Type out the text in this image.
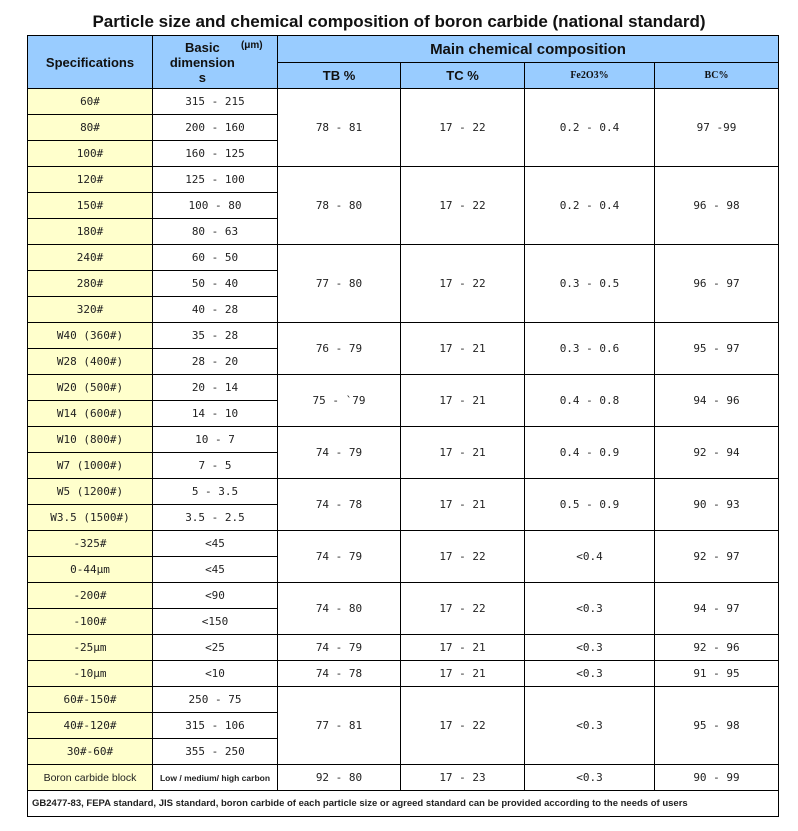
Particle size and chemical composition of boron carbide (national standard)
Specifications	Basic dimensions $^{(\mu m)}$	Main chemical composition			
		TB %	TC %	Fe2O3%	BC%
60#	315 - 215	78 - 81	17 - 22	0.2 - 0.4	97 -99
80#	200 - 160				
100#	160 - 125				
120#	125 - 100	78 - 80	17 - 22	0.2 - 0.4	96 - 98
150#	100 - 80				
180#	80 - 63				
240#	60 - 50	77 - 80	17 - 22	0.3 - 0.5	96 - 97
280#	50 - 40				
320#	40 - 28				
W40 (360#)	35 - 28	76 - 79	17 - 21	0.3 - 0.6	95 - 97
W28 (400#)	28 - 20				
W20 (500#)	20 - 14	75 - `79	17 - 21	0.4 - 0.8	94 - 96
W14 (600#)	14 - 10				
W10 (800#)	10 - 7	74 - 79	17 - 21	0.4 - 0.9	92 - 94
W7 (1000#)	7 - 5				
W5 (1200#)	5 - 3.5	74 - 78	17 - 21	0.5 - 0.9	90 - 93
W3.5 (1500#)	3.5 - 2.5				
-325#	<45	74 - 79	17 - 22	<0.4	92 - 97
0-44μm	<45				
-200#	<90	74 - 80	17 - 22	<0.3	94 - 97
-100#	<150				
-25μm	<25	74 - 79	17 - 21	<0.3	92 - 96
-10μm	<10	74 - 78	17 - 21	<0.3	91 - 95
60#-150#	250 - 75	77 - 81	17 - 22	<0.3	95 - 98
40#-120#	315 - 106				
30#-60#	355 - 250				
Boron carbide block	Low / medium/ high carbon	92 - 80	17 - 23	<0.3	90 - 99
GB2477-83, FEPA standard, JIS standard, boron carbide of each particle size or agreed standard can be provided according to the needs of users					
